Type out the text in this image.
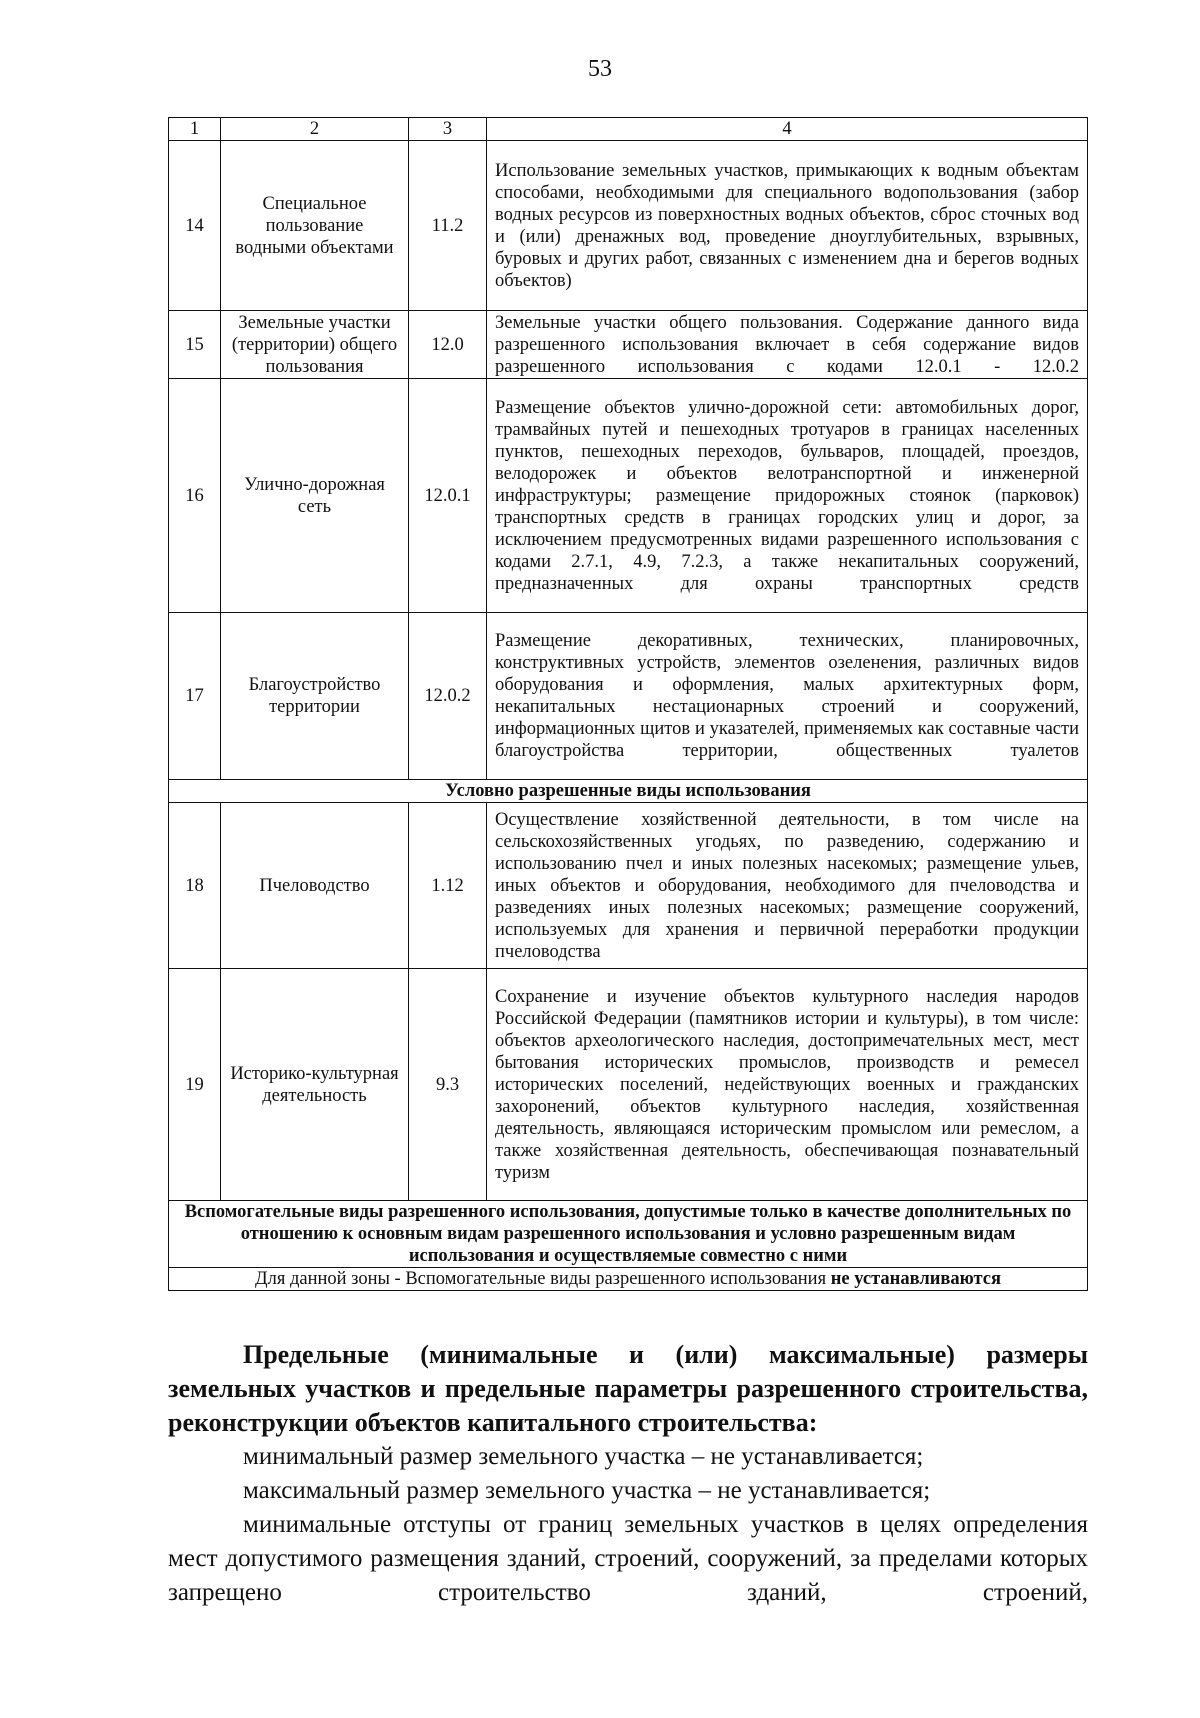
53
1	2	3	4
14	Специальное пользование водными объектами	11.2	Использование земельных участков, примыкающих к водным объектам способами, необходимыми для специального водопользования (забор водных ресурсов из поверхностных водных объектов, сброс сточных вод и (или) дренажных вод, проведение дноуглубительных, взрывных, буровых и других работ, связанных с изменением дна и берегов водных объектов)
15	Земельные участки (территории) общего пользования	12.0	Земельные участки общего пользования. Содержание данного вида разрешенного использования включает в себя содержание видов разрешенного использования с кодами 12.0.1 - 12.0.2
16	Улично-дорожная сеть	12.0.1	Размещение объектов улично-дорожной сети: автомобильных дорог, трамвайных путей и пешеходных тротуаров в границах населенных пунктов, пешеходных переходов, бульваров, площадей, проездов, велодорожек и объектов велотранспортной и инженерной инфраструктуры; размещение придорожных стоянок (парковок) транспортных средств в границах городских улиц и дорог, за исключением предусмотренных видами разрешенного использования с кодами 2.7.1, 4.9, 7.2.3, а также некапитальных сооружений, предназначенных для охраны транспортных средств
17	Благоустройство территории	12.0.2	Размещение декоративных, технических, планировочных, конструктивных устройств, элементов озеленения, различных видов оборудования и оформления, малых архитектурных форм, некапитальных нестационарных строений и сооружений, информационных щитов и указателей, применяемых как составные части благоустройства территории, общественных туалетов
Условно разрешенные виды использования			
18	Пчеловодство	1.12	Осуществление хозяйственной деятельности, в том числе на сельскохозяйственных угодьях, по разведению, содержанию и использованию пчел и иных полезных насекомых; размещение ульев, иных объектов и оборудования, необходимого для пчеловодства и разведениях иных полезных насекомых; размещение сооружений, используемых для хранения и первичной переработки продукции пчеловодства
19	Историко-культурная деятельность	9.3	Сохранение и изучение объектов культурного наследия народов Российской Федерации (памятников истории и культуры), в том числе: объектов археологического наследия, достопримечательных мест, мест бытования исторических промыслов, производств и ремесел исторических поселений, недействующих военных и гражданских захоронений, объектов культурного наследия, хозяйственная деятельность, являющаяся историческим промыслом или ремеслом, а также хозяйственная деятельность, обеспечивающая познавательный туризм
Вспомогательные виды разрешенного использования, допустимые только в качестве дополнительных по отношению к основным видам разрешенного использования и условно разрешенным видам использования и осуществляемые совместно с ними			
Для данной зоны - Вспомогательные виды разрешенного использования не устанавливаются			

Предельные (минимальные и (или) максимальные) размеры земельных участков и предельные параметры разрешенного строительства, реконструкции объектов капитального строительства:

минимальный размер земельного участка – не устанавливается;

максимальный размер земельного участка – не устанавливается;

минимальные отступы от границ земельных участков в целях определения мест допустимого размещения зданий, строений, сооружений, за пределами которых запрещено строительство зданий, строений,
